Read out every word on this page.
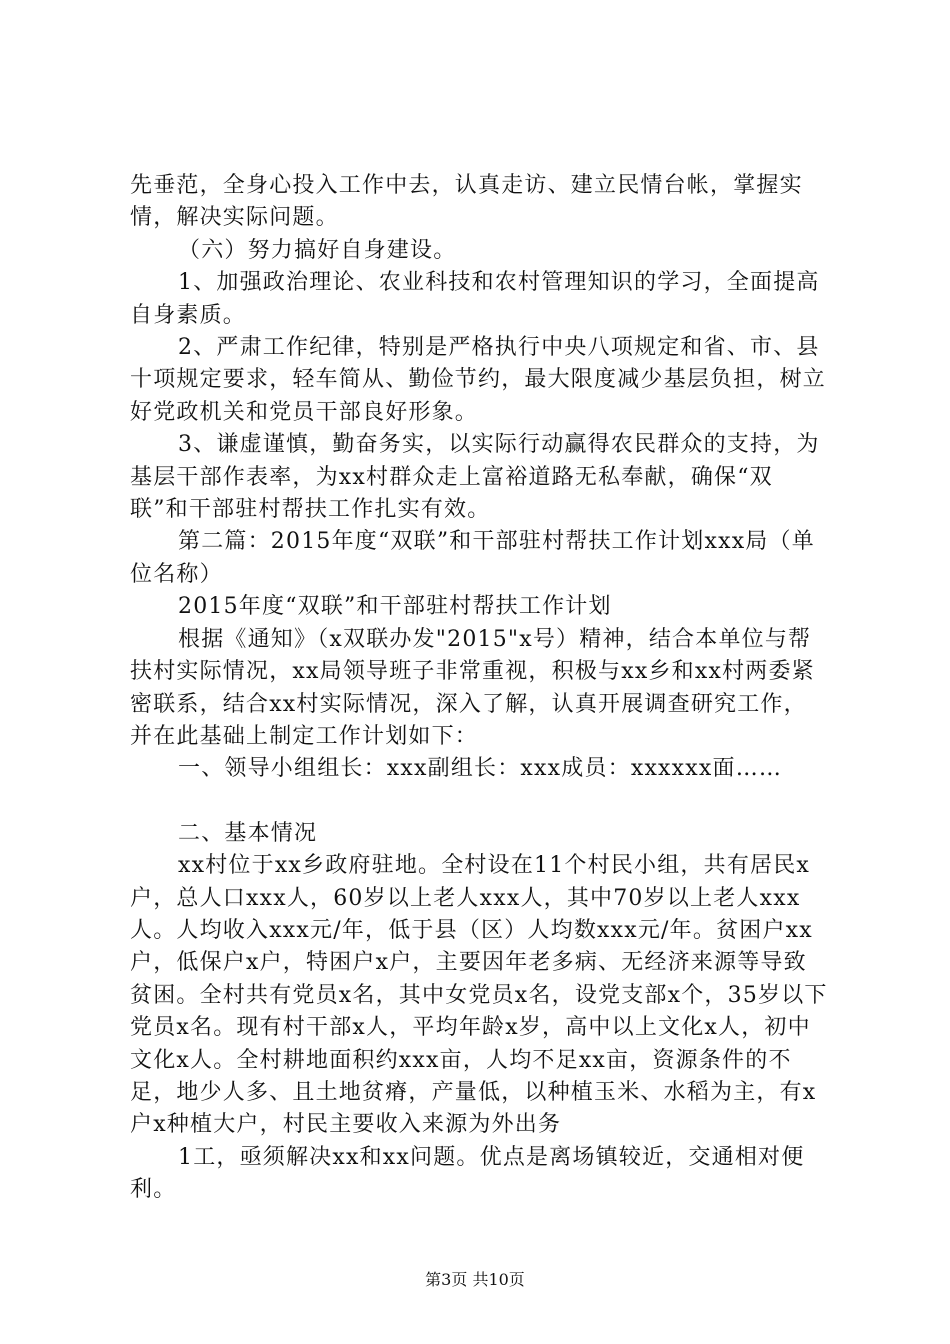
先垂范，全身心投入工作中去，认真走访、建立民情台帐，掌握实情，解决实际问题。

（六）努力搞好自身建设。

1、加强政治理论、农业科技和农村管理知识的学习，全面提高自身素质。

2、严肃工作纪律，特别是严格执行中央八项规定和省、市、县十项规定要求，轻车简从、勤俭节约，最大限度减少基层负担，树立好党政机关和党员干部良好形象。

3、谦虚谨慎，勤奋务实，以实际行动赢得农民群众的支持，为基层干部作表率，为xx村群众走上富裕道路无私奉献，确保“双联”和干部驻村帮扶工作扎实有效。

第二篇：2015年度“双联”和干部驻村帮扶工作计划xxx局（单位名称）

2015年度“双联”和干部驻村帮扶工作计划

根据《通知》（x双联办发"2015"x号）精神，结合本单位与帮扶村实际情况，xx局领导班子非常重视，积极与xx乡和xx村两委紧密联系，结合xx村实际情况，深入了解，认真开展调查研究工作，并在此基础上制定工作计划如下：

一、领导小组组长：xxx副组长：xxx成员：xxxxxx面……

二、基本情况

xx村位于xx乡政府驻地。全村设在11个村民小组，共有居民x户，总人口xxx人，60岁以上老人xxx人，其中70岁以上老人xxx人。人均收入xxx元/年，低于县（区）人均数xxx元/年。贫困户xx户，低保户x户，特困户x户，主要因年老多病、无经济来源等导致贫困。全村共有党员x名，其中女党员x名，设党支部x个，35岁以下党员x名。现有村干部x人，平均年龄x岁，高中以上文化x人，初中文化x人。全村耕地面积约xxx亩，人均不足xx亩，资源条件的不足，地少人多、且土地贫瘠，产量低，以种植玉米、水稻为主，有x户x种植大户，村民主要收入来源为外出务

1工，亟须解决xx和xx问题。优点是离场镇较近，交通相对便利。

第3页 共10页
